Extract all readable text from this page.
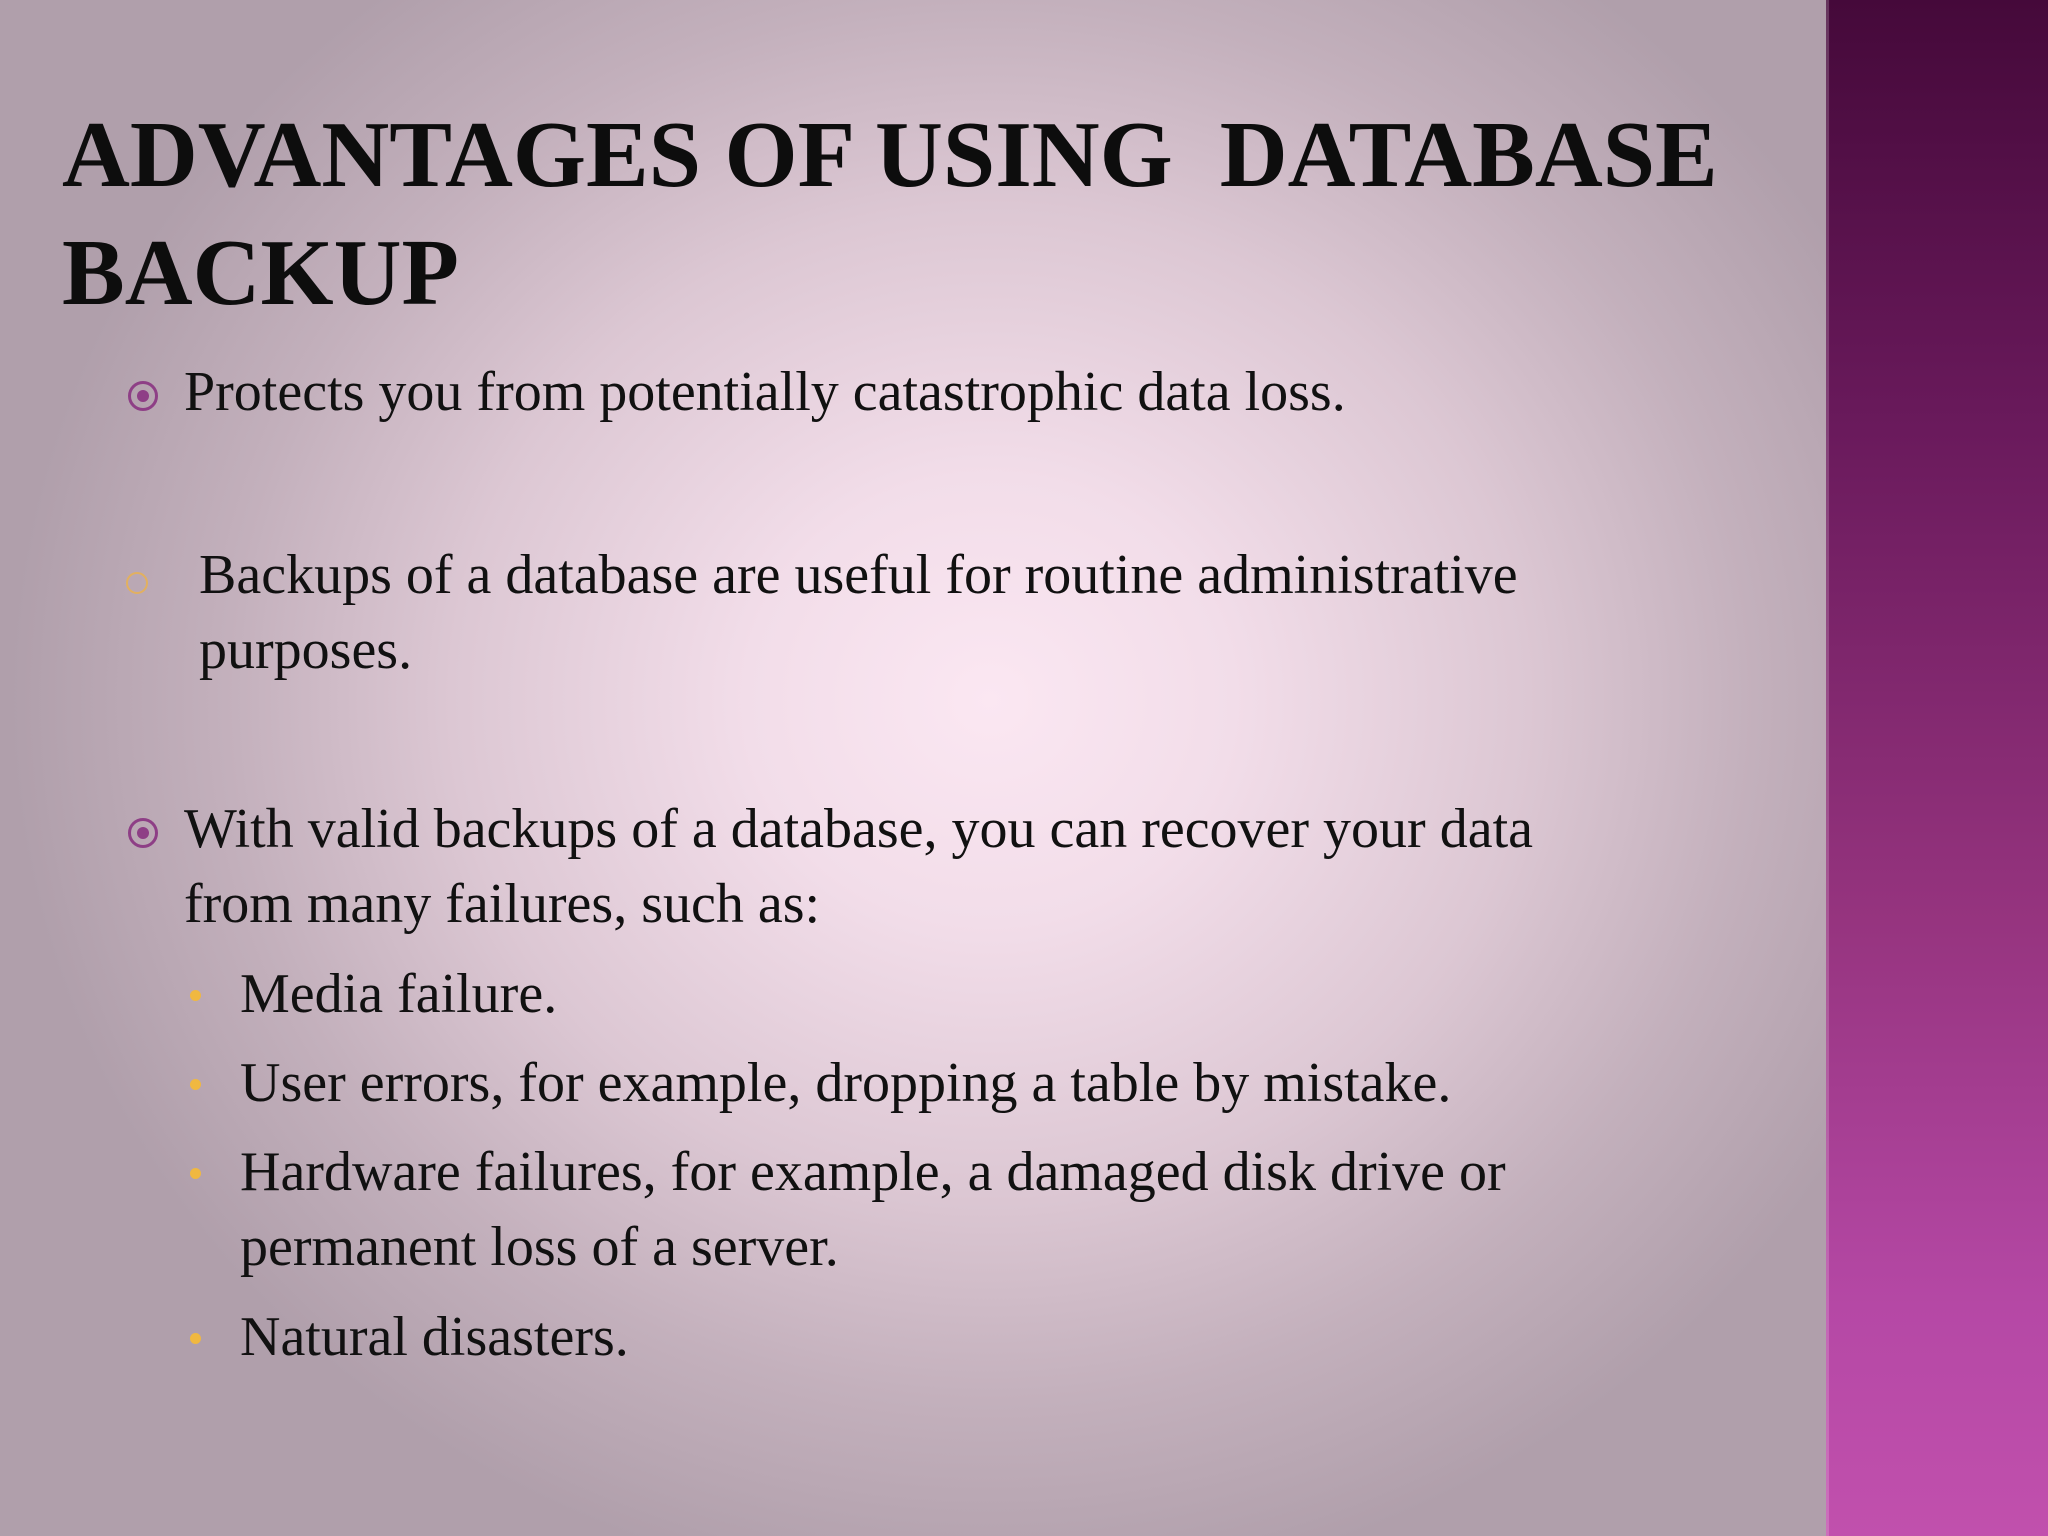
ADVANTAGES OF USING  DATABASE BACKUP
Protects you from potentially catastrophic data loss.
Backups of a database are useful for routine administrative
purposes.
With valid backups of a database, you can recover your data
from many failures, such as:
Media failure.
User errors, for example, dropping a table by mistake.
Hardware failures, for example, a damaged disk drive or
permanent loss of a server.
Natural disasters.
